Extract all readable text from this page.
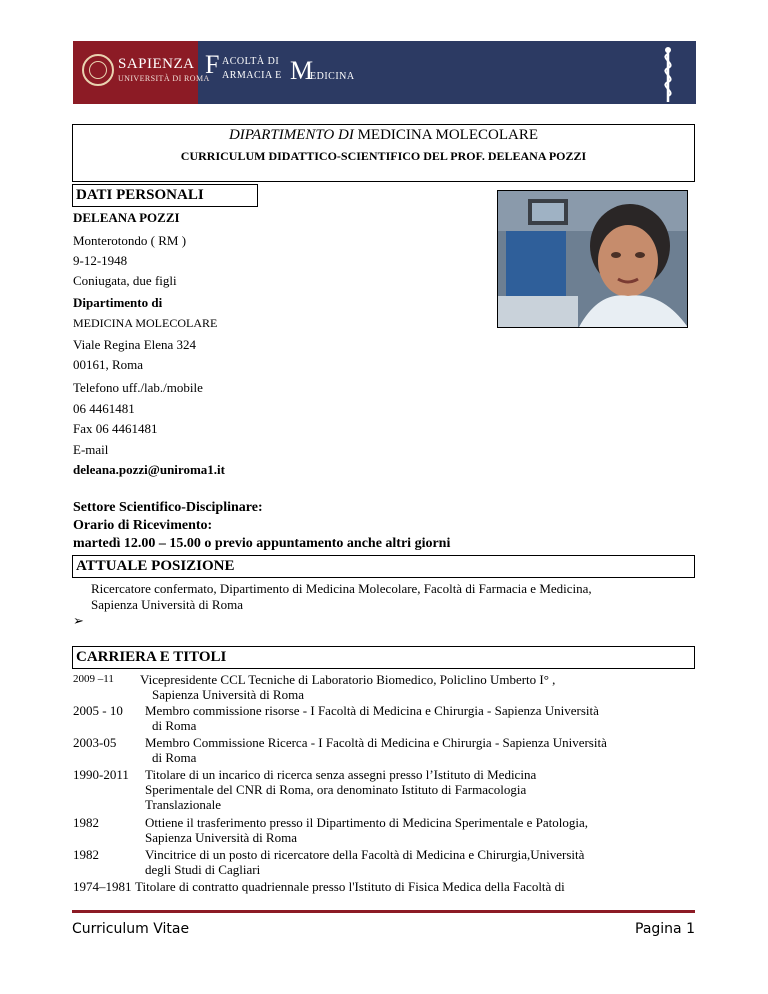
SAPIENZA
UNIVERSITÀ DI ROMA
F ACOLTÀ DI
ARMACIA E M
EDICINA
DIPARTIMENTO DI MEDICINA MOLECOLARE
CURRICULUM DIDATTICO-SCIENTIFICO DEL PROF. DELEANA POZZI
DATI PERSONALI
DELEANA POZZI
Monterotondo ( RM )
9-12-1948
Coniugata, due figli
Dipartimento di
MEDICINA MOLECOLARE
Viale Regina Elena 324
00161, Roma
Telefono uff./lab./mobile
06 4461481
Fax 06 4461481
E-mail
deleana.pozzi@uniroma1.it
Settore Scientifico-Disciplinare:
Orario di Ricevimento:
martedì 12.00 – 15.00 o previo appuntamento anche altri giorni
ATTUALE POSIZIONE
Ricercatore confermato, Dipartimento di Medicina Molecolare, Facoltà di Farmacia e Medicina,
Sapienza Università di Roma
➢
CARRIERA E TITOLI
2009 –11 Vicepresidente CCL Tecniche di Laboratorio Biomedico, Policlino Umberto I° ,
Sapienza Università di Roma
2005 - 10 Membro commissione risorse - I Facoltà di Medicina e Chirurgia - Sapienza Università
di Roma
2003-05 Membro Commissione Ricerca - I Facoltà di Medicina e Chirurgia - Sapienza Università
di Roma
1990-2011 Titolare di un incarico di ricerca senza assegni presso l’Istituto di Medicina
Sperimentale del CNR di Roma, ora denominato Istituto di Farmacologia
Translazionale
1982	Ottiene il trasferimento presso il Dipartimento di Medicina Sperimentale e Patologia,
Sapienza Università di Roma
1982	Vincitrice di un posto di ricercatore della Facoltà di Medicina e Chirurgia,Università
degli Studi di Cagliari
1974–1981 Titolare di contratto quadriennale presso l'Istituto di Fisica Medica della Facoltà di
Curriculum Vitae	Pagina 1
